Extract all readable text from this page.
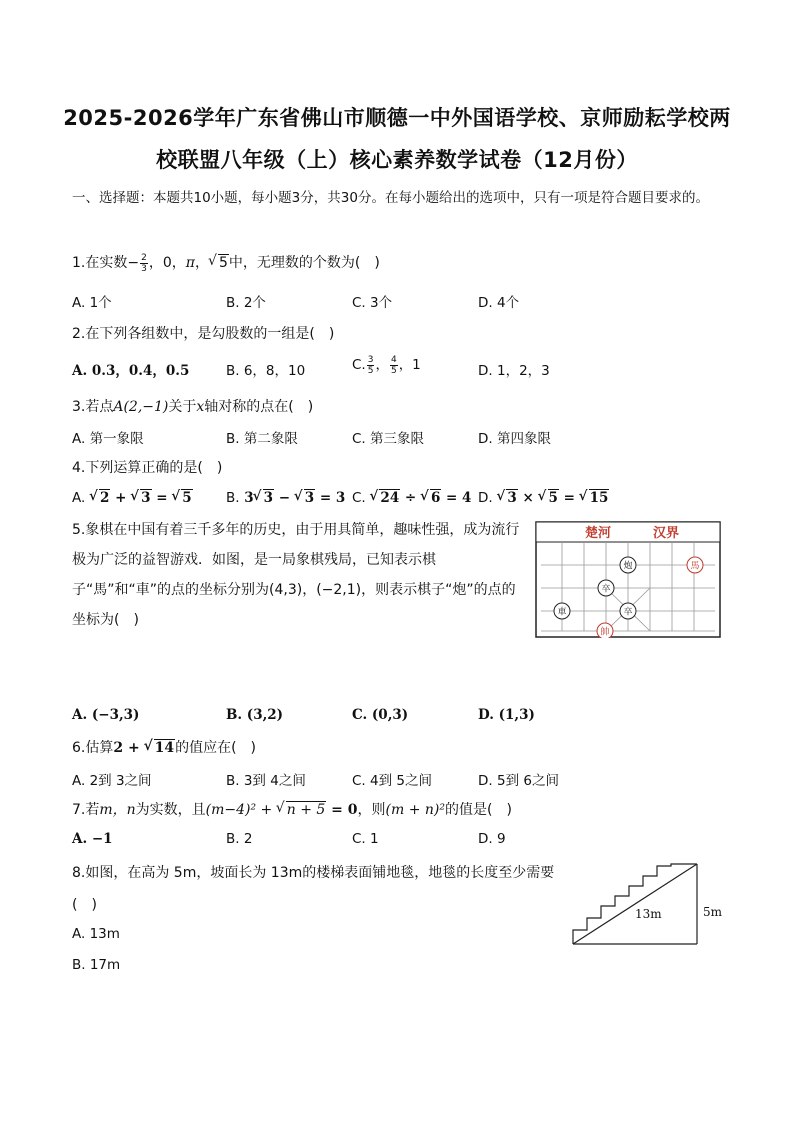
2025-2026学年广东省佛山市顺德一中外国语学校、京师励耘学校两
校联盟八年级（上）核心素养数学试卷（12月份）
一、选择题：本题共10小题，每小题3分，共30分。在每小题给出的选项中，只有一项是符合题目要求的。
1.在实数− $\frac{2}{3}$ ，0，π， √ 5中，无理数的个数为(　)
A. 1个	B. 2个	C. 3个	D. 4个
2.在下列各组数中，是勾股数的一组是(　)
A. 0.3，0.4，0.5	B. 6，8，10	C. $\frac{3}{5}$ ， $\frac{4}{5}$ ，1	D. 1，2，3
3.若点A(2,−1)关于x轴对称的点在(　)
A. 第一象限	B. 第二象限	C. 第三象限	D. 第四象限
4.下列运算正确的是(　)
A. √ 2 + √ 3 = √ 5	B. 3 √ 3 − √ 3 = 3 C. √ 24 ÷ √ 6 = 4 D. √ 3 × √ 5 = √ 15
5.象棋在中国有着三千多年的历史，由于用具简单，趣味性强，成为流行极为广泛的益智游戏．如图，是一局象棋残局，已知表示棋子“馬”和“車”的点的坐标分别为(4,3)，(−2,1)，则表示棋子“炮”的点的坐标为(　)
楚河	汉界
炮
卒
車	卒
馬
帥
A. (−3,3)	B. (3,2)	C. (0,3)	D. (1,3)
6.估算2 + √ 14的值应在(　)
A. 2到 3之间	B. 3到 4之间	C. 4到 5之间	D. 5到 6之间
7.若m，n为实数，且(m−4)² + √ n + 5 = 0，则(m + n)²的值是(　)
A. −1	B. 2	C. 1	D. 9
8.如图，在高为 5m，坡面长为 13m的楼梯表面铺地毯，地毯的长度至少需要
(　)
A. 13m
B. 17m
13m	5m
